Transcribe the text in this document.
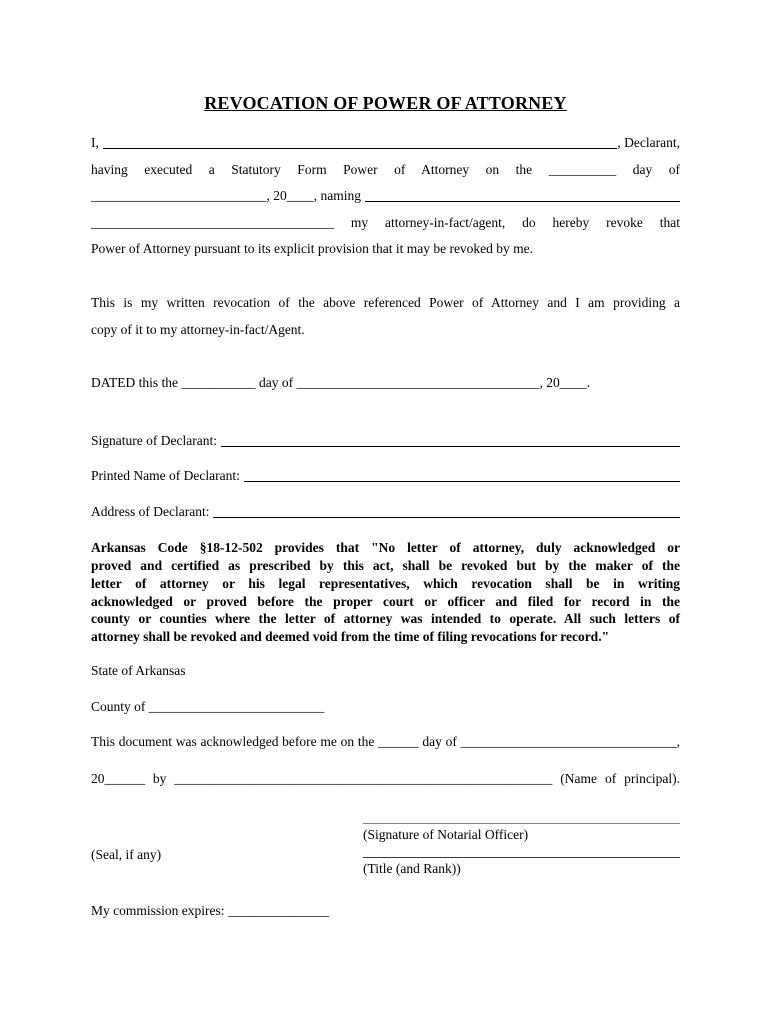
REVOCATION OF POWER OF ATTORNEY
I,	, Declarant,
having executed a Statutory Form Power of Attorney on the __________ day of
__________________________, 20____, naming
____________________________________ my attorney-in-fact/agent, do hereby revoke that
Power of Attorney pursuant to its explicit provision that it may be revoked by me.
This is my written revocation of the above referenced Power of Attorney and I am providing a
copy of it to my attorney-in-fact/Agent.
DATED this the ___________ day of ____________________________________, 20____.
Signature of Declarant:
Printed Name of Declarant:
Address of Declarant:
Arkansas Code §18-12-502 provides that "No letter of attorney, duly acknowledged or
proved and certified as prescribed by this act, shall be revoked but by the maker of the
letter of attorney or his legal representatives, which revocation shall be in writing
acknowledged or proved before the proper court or officer and filed for record in the
county or counties where the letter of attorney was intended to operate. All such letters of
attorney shall be revoked and deemed void from the time of filing revocations for record."
State of Arkansas
County of __________________________
This document was acknowledged before me on the ______ day of ________________________________,
20______ by ________________________________________________________ (Name of principal).
(Seal, if any)
(Signature of Notarial Officer)
(Title (and Rank))
My commission expires: _______________
